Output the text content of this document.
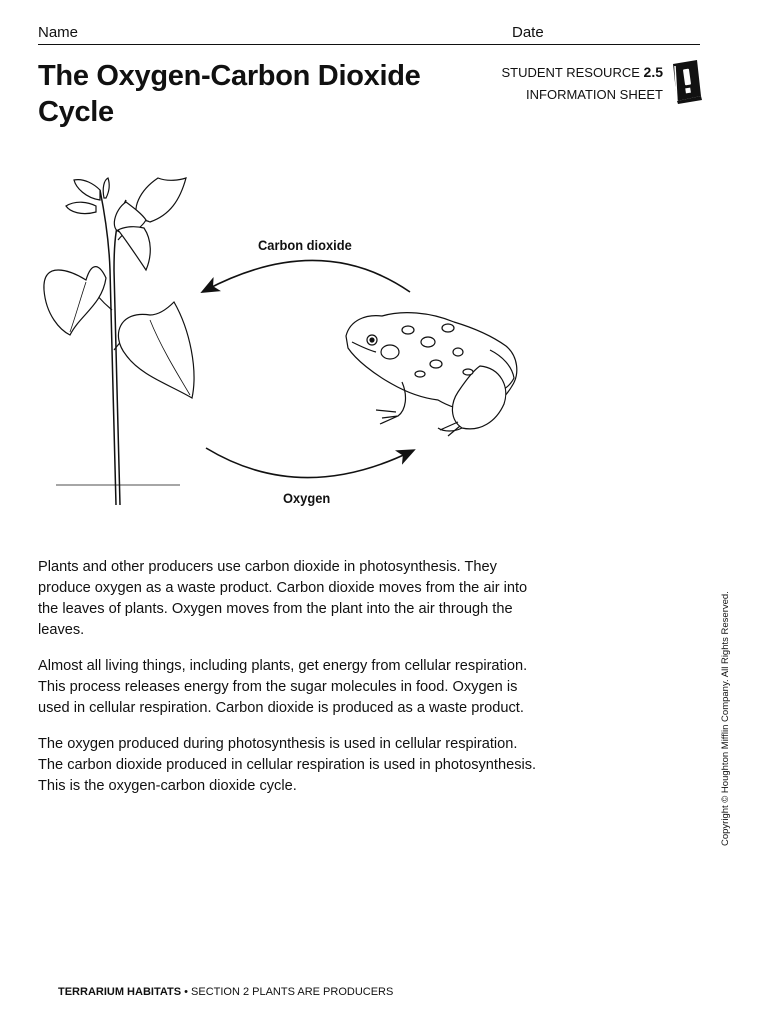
Name	Date
The Oxygen-Carbon Dioxide Cycle
STUDENT RESOURCE 2.5
INFORMATION SHEET
Carbon dioxide
Oxygen

Plants and other producers use carbon dioxide in photosynthesis. They produce oxygen as a waste product. Carbon dioxide moves from the air into the leaves of plants. Oxygen moves from the plant into the air through the leaves.

Almost all living things, including plants, get energy from cellular respiration. This process releases energy from the sugar molecules in food. Oxygen is used in cellular respiration. Carbon dioxide is produced as a waste product.

The oxygen produced during photosynthesis is used in cellular respiration. The carbon dioxide produced in cellular respiration is used in photosynthesis. This is the oxygen-carbon dioxide cycle.	Copyright © Houghton Mifflin Company. All Rights Reserved.
TERRARIUM HABITATS • SECTION 2 PLANTS ARE PRODUCERS
